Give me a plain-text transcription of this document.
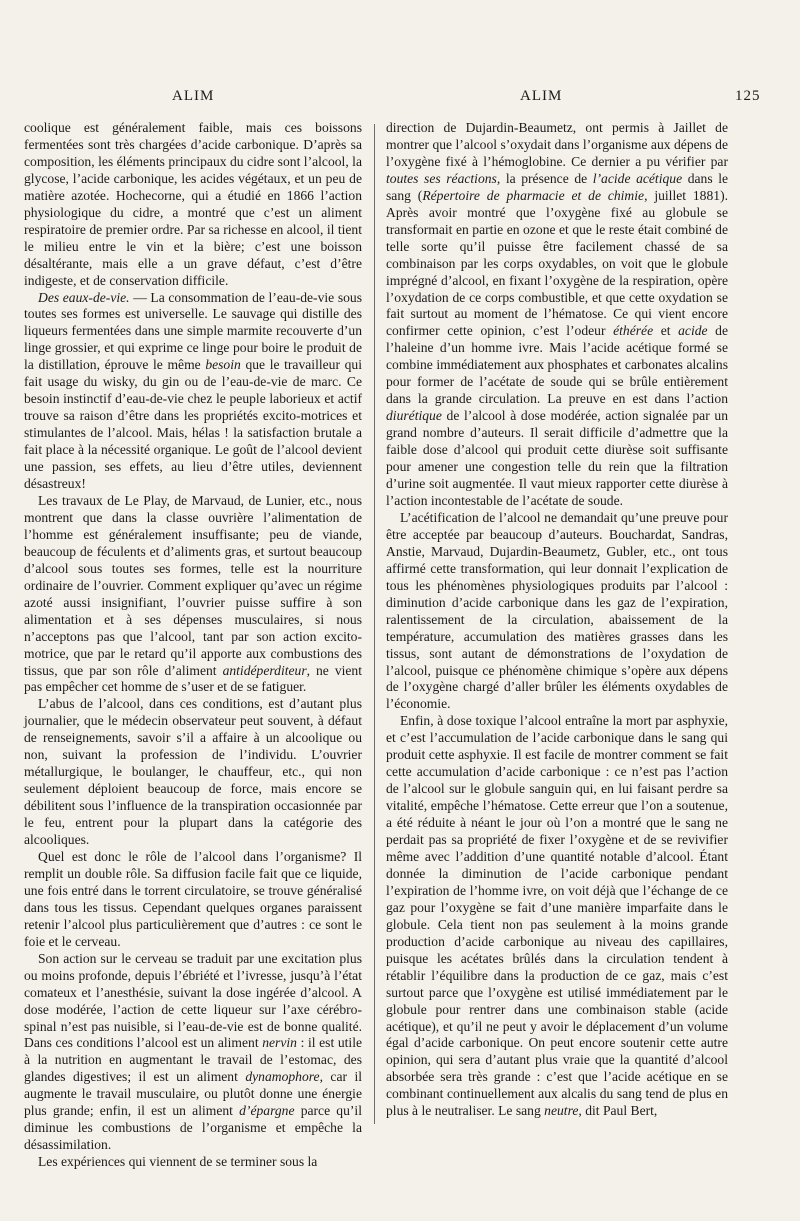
ALIM	ALIM	125

coolique est généralement faible, mais ces boissons fermentées sont très chargées d’acide carbonique. D’après sa composition, les éléments principaux du cidre sont l’alcool, la glycose, l’acide carbonique, les acides végétaux, et un peu de matière azotée. Hochecorne, qui a étudié en 1866 l’action physiologique du cidre, a montré que c’est un aliment respiratoire de premier ordre. Par sa richesse en alcool, il tient le milieu entre le vin et la bière; c’est une boisson désaltérante, mais elle a un grave défaut, c’est d’être indigeste, et de conservation difficile.

Des eaux-de-vie. — La consommation de l’eau-de-vie sous toutes ses formes est universelle. Le sauvage qui distille des liqueurs fermentées dans une simple marmite recouverte d’un linge grossier, et qui exprime ce linge pour boire le produit de la distillation, éprouve le même besoin que le travailleur qui fait usage du wisky, du gin ou de l’eau-de-vie de marc. Ce besoin instinctif d’eau-de-vie chez le peuple laborieux et actif trouve sa raison d’être dans les propriétés excito-motrices et stimulantes de l’alcool. Mais, hélas ! la satisfaction brutale a fait place à la nécessité organique. Le goût de l’alcool devient une passion, ses effets, au lieu d’être utiles, deviennent désastreux!

Les travaux de Le Play, de Marvaud, de Lunier, etc., nous montrent que dans la classe ouvrière l’alimentation de l’homme est généralement insuffisante; peu de viande, beaucoup de féculents et d’aliments gras, et surtout beaucoup d’alcool sous toutes ses formes, telle est la nourriture ordinaire de l’ouvrier. Comment expliquer qu’avec un régime azoté aussi insignifiant, l’ouvrier puisse suffire à son alimentation et à ses dépenses musculaires, si nous n’acceptons pas que l’alcool, tant par son action excito-motrice, que par le retard qu’il apporte aux combustions des tissus, que par son rôle d’aliment antidéperditeur, ne vient pas empêcher cet homme de s’user et de se fatiguer.

L’abus de l’alcool, dans ces conditions, est d’autant plus journalier, que le médecin observateur peut souvent, à défaut de renseignements, savoir s’il a affaire à un alcoolique ou non, suivant la profession de l’individu. L’ouvrier métallurgique, le boulanger, le chauffeur, etc., qui non seulement déploient beaucoup de force, mais encore se débilitent sous l’influence de la transpiration occasionnée par le feu, entrent pour la plupart dans la catégorie des alcooliques.

Quel est donc le rôle de l’alcool dans l’organisme? Il remplit un double rôle. Sa diffusion facile fait que ce liquide, une fois entré dans le torrent circulatoire, se trouve généralisé dans tous les tissus. Cependant quelques organes paraissent retenir l’alcool plus particulièrement que d’autres : ce sont le foie et le cerveau.

Son action sur le cerveau se traduit par une excitation plus ou moins profonde, depuis l’ébriété et l’ivresse, jusqu’à l’état comateux et l’anesthésie, suivant la dose ingérée d’alcool. A dose modérée, l’action de cette liqueur sur l’axe cérébro-spinal n’est pas nuisible, si l’eau-de-vie est de bonne qualité. Dans ces conditions l’alcool est un aliment nervin : il est utile à la nutrition en augmentant le travail de l’estomac, des glandes digestives; il est un aliment dynamophore, car il augmente le travail musculaire, ou plutôt donne une énergie plus grande; enfin, il est un aliment d’épargne parce qu’il diminue les combustions de l’organisme et empêche la désassimilation.

Les expériences qui viennent de se terminer sous la

direction de Dujardin-Beaumetz, ont permis à Jaillet de montrer que l’alcool s’oxydait dans l’organisme aux dépens de l’oxygène fixé à l’hémoglobine. Ce dernier a pu vérifier par toutes ses réactions, la présence de l’acide acétique dans le sang (Répertoire de pharmacie et de chimie, juillet 1881). Après avoir montré que l’oxygène fixé au globule se transformait en partie en ozone et que le reste était combiné de telle sorte qu’il puisse être facilement chassé de sa combinaison par les corps oxydables, on voit que le globule imprégné d’alcool, en fixant l’oxygène de la respiration, opère l’oxydation de ce corps combustible, et que cette oxydation se fait surtout au moment de l’hématose. Ce qui vient encore confirmer cette opinion, c’est l’odeur éthérée et acide de l’haleine d’un homme ivre. Mais l’acide acétique formé se combine immédiatement aux phosphates et carbonates alcalins pour former de l’acétate de soude qui se brûle entièrement dans la grande circulation. La preuve en est dans l’action diurétique de l’alcool à dose modérée, action signalée par un grand nombre d’auteurs. Il serait difficile d’admettre que la faible dose d’alcool qui produit cette diurèse soit suffisante pour amener une congestion telle du rein que la filtration d’urine soit augmentée. Il vaut mieux rapporter cette diurèse à l’action incontestable de l’acétate de soude.

L’acétification de l’alcool ne demandait qu’une preuve pour être acceptée par beaucoup d’auteurs. Bouchardat, Sandras, Anstie, Marvaud, Dujardin-Beaumetz, Gubler, etc., ont tous affirmé cette transformation, qui leur donnait l’explication de tous les phénomènes physiologiques produits par l’alcool : diminution d’acide carbonique dans les gaz de l’expiration, ralentissement de la circulation, abaissement de la température, accumulation des matières grasses dans les tissus, sont autant de démonstrations de l’oxydation de l’alcool, puisque ce phénomène chimique s’opère aux dépens de l’oxygène chargé d’aller brûler les éléments oxydables de l’économie.

Enfin, à dose toxique l’alcool entraîne la mort par asphyxie, et c’est l’accumulation de l’acide carbonique dans le sang qui produit cette asphyxie. Il est facile de montrer comment se fait cette accumulation d’acide carbonique : ce n’est pas l’action de l’alcool sur le globule sanguin qui, en lui faisant perdre sa vitalité, empêche l’hématose. Cette erreur que l’on a soutenue, a été réduite à néant le jour où l’on a montré que le sang ne perdait pas sa propriété de fixer l’oxygène et de se revivifier même avec l’addition d’une quantité notable d’alcool. Étant donnée la diminution de l’acide carbonique pendant l’expiration de l’homme ivre, on voit déjà que l’échange de ce gaz pour l’oxygène se fait d’une manière imparfaite dans le globule. Cela tient non pas seulement à la moins grande production d’acide carbonique au niveau des capillaires, puisque les acétates brûlés dans la circulation tendent à rétablir l’équilibre dans la production de ce gaz, mais c’est surtout parce que l’oxygène est utilisé immédiatement par le globule pour rentrer dans une combinaison stable (acide acétique), et qu’il ne peut y avoir le déplacement d’un volume égal d’acide carbonique. On peut encore soutenir cette autre opinion, qui sera d’autant plus vraie que la quantité d’alcool absorbée sera très grande : c’est que l’acide acétique en se combinant continuellement aux alcalis du sang tend de plus en plus à le neutraliser. Le sang neutre, dit Paul Bert,
